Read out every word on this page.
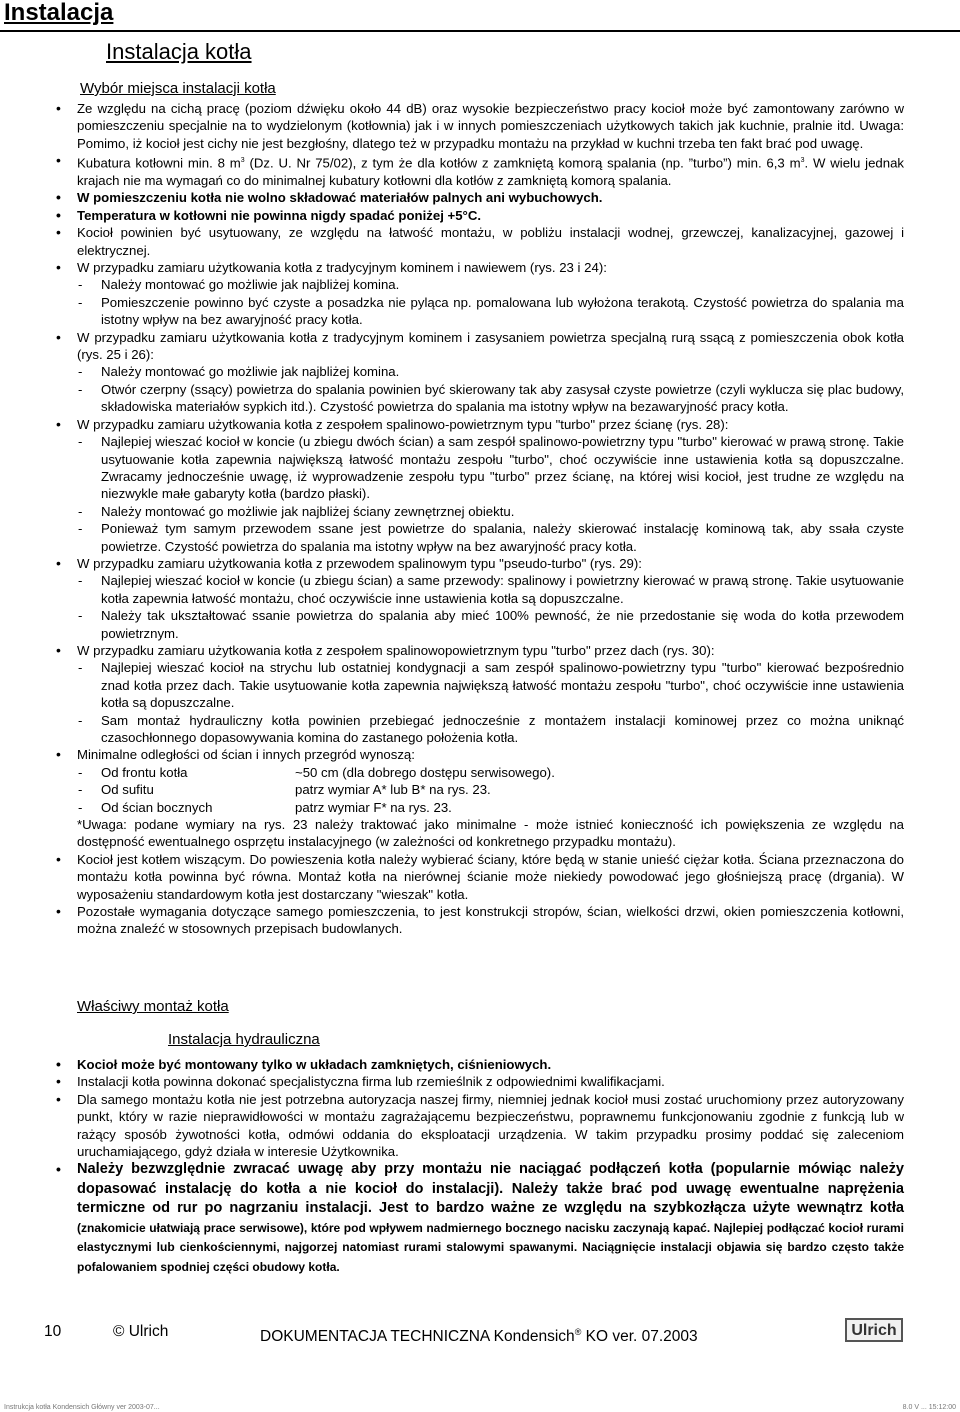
Instalacja
Instalacja kotła
Wybór miejsca instalacji kotła
• Ze względu na cichą pracę (poziom dźwięku około 44 dB) oraz wysokie bezpieczeństwo pracy kocioł może być zamontowany zarówno w pomieszczeniu specjalnie na to wydzielonym (kotłownia) jak i w innych pomieszczeniach użytkowych takich jak kuchnie, pralnie itd. Uwaga: Pomimo, iż kocioł jest cichy nie jest bezgłośny, dlatego też w przypadku montażu na przykład w kuchni trzeba ten fakt brać pod uwagę.
• Kubatura kotłowni min. 8 $m^3$ (Dz. U. Nr 75/02), z tym że dla kotłów z zamkniętą komorą spalania (np. ”turbo”) min. 6,3 $m^3$. W wielu jednak krajach nie ma wymagań co do minimalnej kubatury kotłowni dla kotłów z zamkniętą komorą spalania.
• W pomieszczeniu kotła nie wolno składować materiałów palnych ani wybuchowych.
• Temperatura w kotłowni nie powinna nigdy spadać poniżej +5°C.
• Kocioł powinien być usytuowany, ze względu na łatwość montażu, w pobliżu instalacji wodnej, grzewczej, kanalizacyjnej, gazowej i elektrycznej.
• W przypadku zamiaru użytkowania kotła z tradycyjnym kominem i nawiewem (rys. 23 i 24):
- Należy montować go możliwie jak najbliżej komina.
- Pomieszczenie powinno być czyste a posadzka nie pyląca np. pomalowana lub wyłożona terakotą. Czystość powietrza do spalania ma istotny wpływ na bez awaryjność pracy kotła.
• W przypadku zamiaru użytkowania kotła z tradycyjnym kominem i zasysaniem powietrza specjalną rurą ssącą z pomieszczenia obok kotła (rys. 25 i 26):
- Należy montować go możliwie jak najbliżej komina.
- Otwór czerpny (ssący) powietrza do spalania powinien być skierowany tak aby zasysał czyste powietrze (czyli wyklucza się plac budowy, składowiska materiałów sypkich itd.). Czystość powietrza do spalania ma istotny wpływ na bezawaryjność pracy kotła.
• W przypadku zamiaru użytkowania kotła z zespołem spalinowo-powietrznym typu "turbo" przez ścianę (rys. 28):
- Najlepiej wieszać kocioł w koncie (u zbiegu dwóch ścian) a sam zespół spalinowo-powietrzny typu "turbo" kierować w prawą stronę. Takie usytuowanie kotła zapewnia największą łatwość montażu zespołu "turbo", choć oczywiście inne ustawienia kotła są dopuszczalne. Zwracamy jednocześnie uwagę, iż wyprowadzenie zespołu typu "turbo" przez ścianę, na której wisi kocioł, jest trudne ze względu na niezwykle małe gabaryty kotła (bardzo płaski).
- Należy montować go możliwie jak najbliżej ściany zewnętrznej obiektu.
- Ponieważ tym samym przewodem ssane jest powietrze do spalania, należy skierować instalację kominową tak, aby ssała czyste powietrze. Czystość powietrza do spalania ma istotny wpływ na bez awaryjność pracy kotła.
• W przypadku zamiaru użytkowania kotła z przewodem spalinowym typu "pseudo-turbo" (rys. 29):
- Najlepiej wieszać kocioł w koncie (u zbiegu ścian) a same przewody: spalinowy i powietrzny kierować w prawą stronę. Takie usytuowanie kotła zapewnia łatwość montażu, choć oczywiście inne ustawienia kotła są dopuszczalne.
- Należy tak ukształtować ssanie powietrza do spalania aby mieć 100% pewność, że nie przedostanie się woda do kotła przewodem powietrznym.
• W przypadku zamiaru użytkowania kotła z zespołem spalinowopowietrznym typu "turbo" przez dach (rys. 30):
- Najlepiej wieszać kocioł na strychu lub ostatniej kondygnacji a sam zespół spalinowo-powietrzny typu "turbo" kierować bezpośrednio znad kotła przez dach. Takie usytuowanie kotła zapewnia największą łatwość montażu zespołu "turbo", choć oczywiście inne ustawienia kotła są dopuszczalne.
- Sam montaż hydrauliczny kotła powinien przebiegać jednocześnie z montażem instalacji kominowej przez co można uniknąć czasochłonnego dopasowywania komina do zastanego położenia kotła.
• Minimalne odległości od ścian i innych przegród wynoszą:
- Od frontu kotła	~50 cm (dla dobrego dostępu serwisowego).
- Od sufitu	patrz wymiar A* lub B* na rys. 23.
- Od ścian bocznych	patrz wymiar F* na rys. 23.
*Uwaga: podane wymiary na rys. 23 należy traktować jako minimalne - może istnieć konieczność ich powiększenia ze względu na dostępność ewentualnego osprzętu instalacyjnego (w zależności od konkretnego przypadku montażu).
• Kocioł jest kotłem wiszącym. Do powieszenia kotła należy wybierać ściany, które będą w stanie unieść ciężar kotła. Ściana przeznaczona do montażu kotła powinna być równa. Montaż kotła na nierównej ścianie może niekiedy powodować jego głośniejszą pracę (drgania). W wyposażeniu standardowym kotła jest dostarczany "wieszak" kotła.
• Pozostałe wymagania dotyczące samego pomieszczenia, to jest konstrukcji stropów, ścian, wielkości drzwi, okien pomieszczenia kotłowni, można znaleźć w stosownych przepisach budowlanych.
Właściwy montaż kotła
Instalacja hydrauliczna
• Kocioł może być montowany tylko w układach zamkniętych, ciśnieniowych.
• Instalacji kotła powinna dokonać specjalistyczna firma lub rzemieślnik z odpowiednimi kwalifikacjami.
• Dla samego montażu kotła nie jest potrzebna autoryzacja naszej firmy, niemniej jednak kocioł musi zostać uruchomiony przez autoryzowany punkt, który w razie nieprawidłowości w montażu zagrażającemu bezpieczeństwu, poprawnemu funkcjonowaniu zgodnie z funkcją lub w rażący sposób żywotności kotła, odmówi oddania do eksploatacji urządzenia. W takim przypadku prosimy poddać się zaleceniom uruchamiającego, gdyż działa w interesie Użytkownika.
• Należy bezwzględnie zwracać uwagę aby przy montażu nie naciągać podłączeń kotła (popularnie mówiąc należy dopasować instalację do kotła a nie kocioł do instalacji). Należy także brać pod uwagę ewentualne naprężenia termiczne od rur po nagrzaniu instalacji. Jest to bardzo ważne ze względu na szybkozłącza użyte wewnątrz kotła (znakomicie ułatwiają prace serwisowe), które pod wpływem nadmiernego bocznego nacisku zaczynają kapać. Najlepiej podłączać kocioł rurami elastycznymi lub cienkościennymi, najgorzej natomiast rurami stalowymi spawanymi. Naciągnięcie instalacji objawia się bardzo często także pofalowaniem spodniej części obudowy kotła.
10	© Ulrich	DOKUMENTACJA TECHNICZNA Kondensich® KO ver. 07.2003	Ulrich
Instrukcja kotła Kondensich Główny ver 2003-07...	8.0 V ... 15:12:00
